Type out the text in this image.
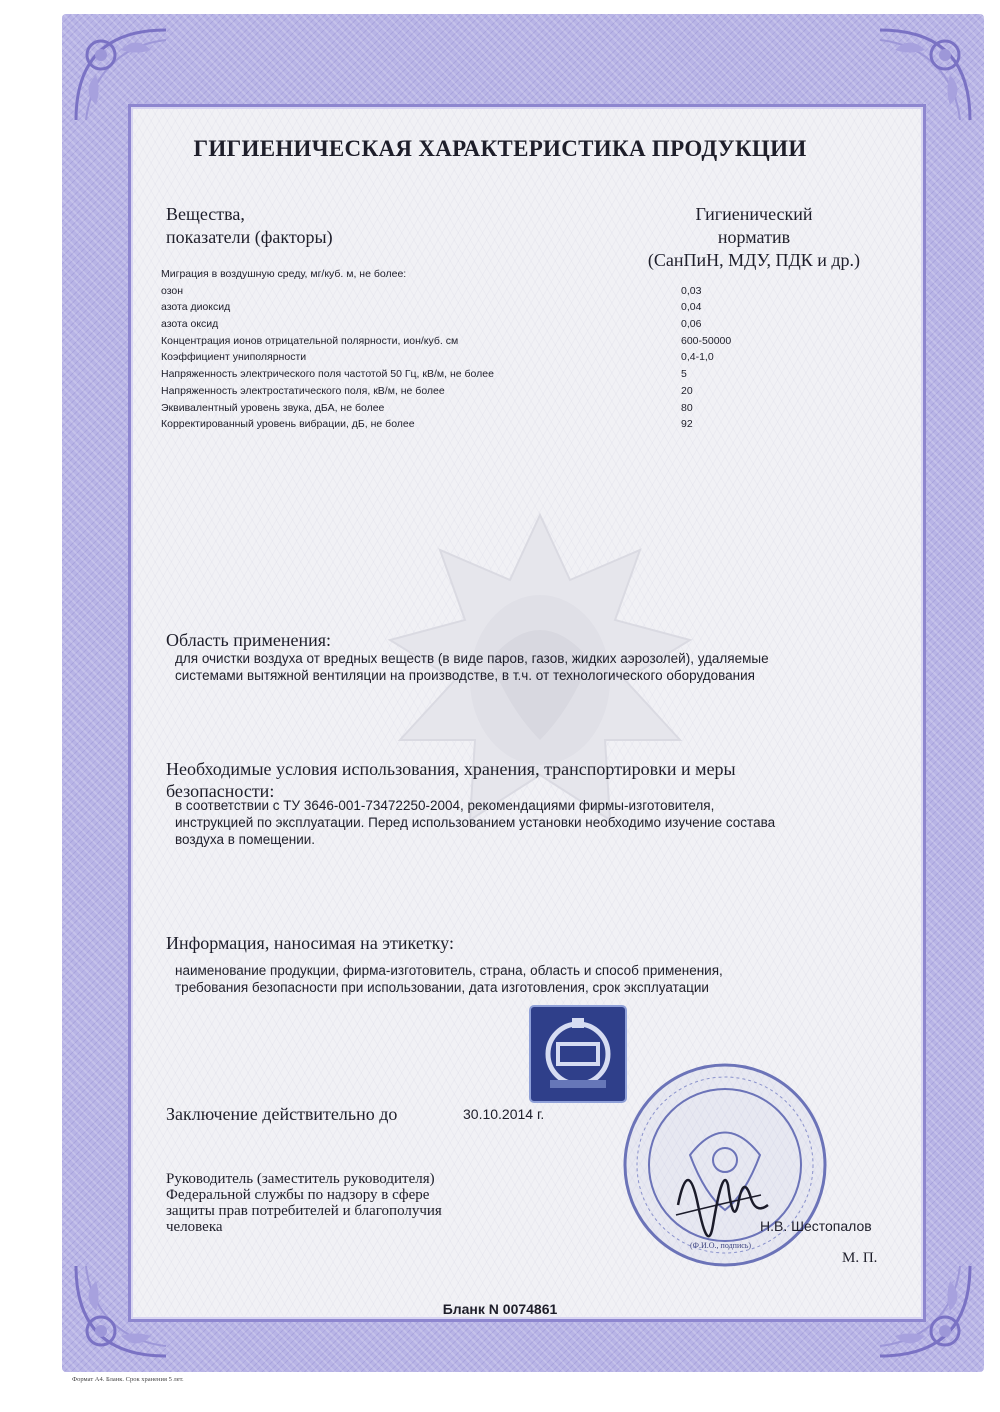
ГИГИЕНИЧЕСКАЯ ХАРАКТЕРИСТИКА ПРОДУКЦИИ
Вещества,
показатели (факторы)
Гигиенический
норматив
(СанПиН, МДУ, ПДК и др.)
Миграция в воздушную среду, мг/куб. м, не более:
озон	0,03
азота диоксид	0,04
азота оксид	0,06
Концентрация ионов отрицательной полярности, ион/куб. см	600-50000
Коэффициент униполярности	0,4-1,0
Напряженность электрического поля частотой 50 Гц, кВ/м, не более	5
Напряженность электростатического поля, кВ/м, не более	20
Эквивалентный уровень звука, дБА, не более	80
Корректированный уровень вибрации, дБ, не более	92
Область применения:
для очистки воздуха от вредных веществ (в виде паров, газов, жидких аэрозолей), удаляемые
системами вытяжной вентиляции на производстве, в т.ч. от технологического оборудования
Необходимые условия использования, хранения, транспортировки и меры
безопасности:
в соответствии с ТУ 3646-001-73472250-2004, рекомендациями фирмы-изготовителя,
инструкцией по эксплуатации. Перед использованием установки необходимо изучение состава
воздуха в помещении.
Информация, наносимая на этикетку:
наименование продукции, фирма-изготовитель, страна, область и способ применения,
требования безопасности при использовании, дата изготовления, срок эксплуатации
Заключение действительно до	30.10.2014 г.
Руководитель (заместитель руководителя)
Федеральной службы по надзору в сфере
защиты прав потребителей и благополучия
человека	Н.В. Шестопалов
(Ф.И.О., подпись)
М. П.
Бланк N 0074861
Формат А4. Бланк. Срок хранения 5 лет.
